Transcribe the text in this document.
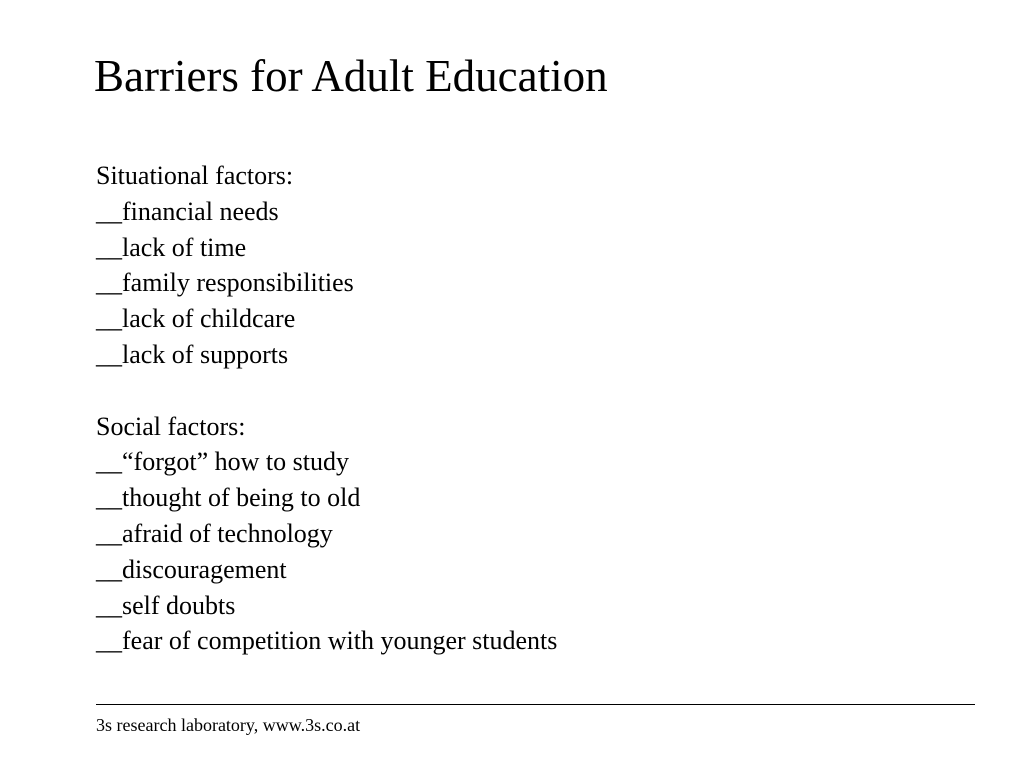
Barriers for Adult Education
Situational factors:
__financial needs
__lack of time
__family responsibilities
__lack of childcare
__lack of supports
Social factors:
__“forgot” how to study
__thought of being to old
__afraid of technology
__discouragement
__self doubts
__fear of competition with younger students
3s research laboratory, www.3s.co.at
